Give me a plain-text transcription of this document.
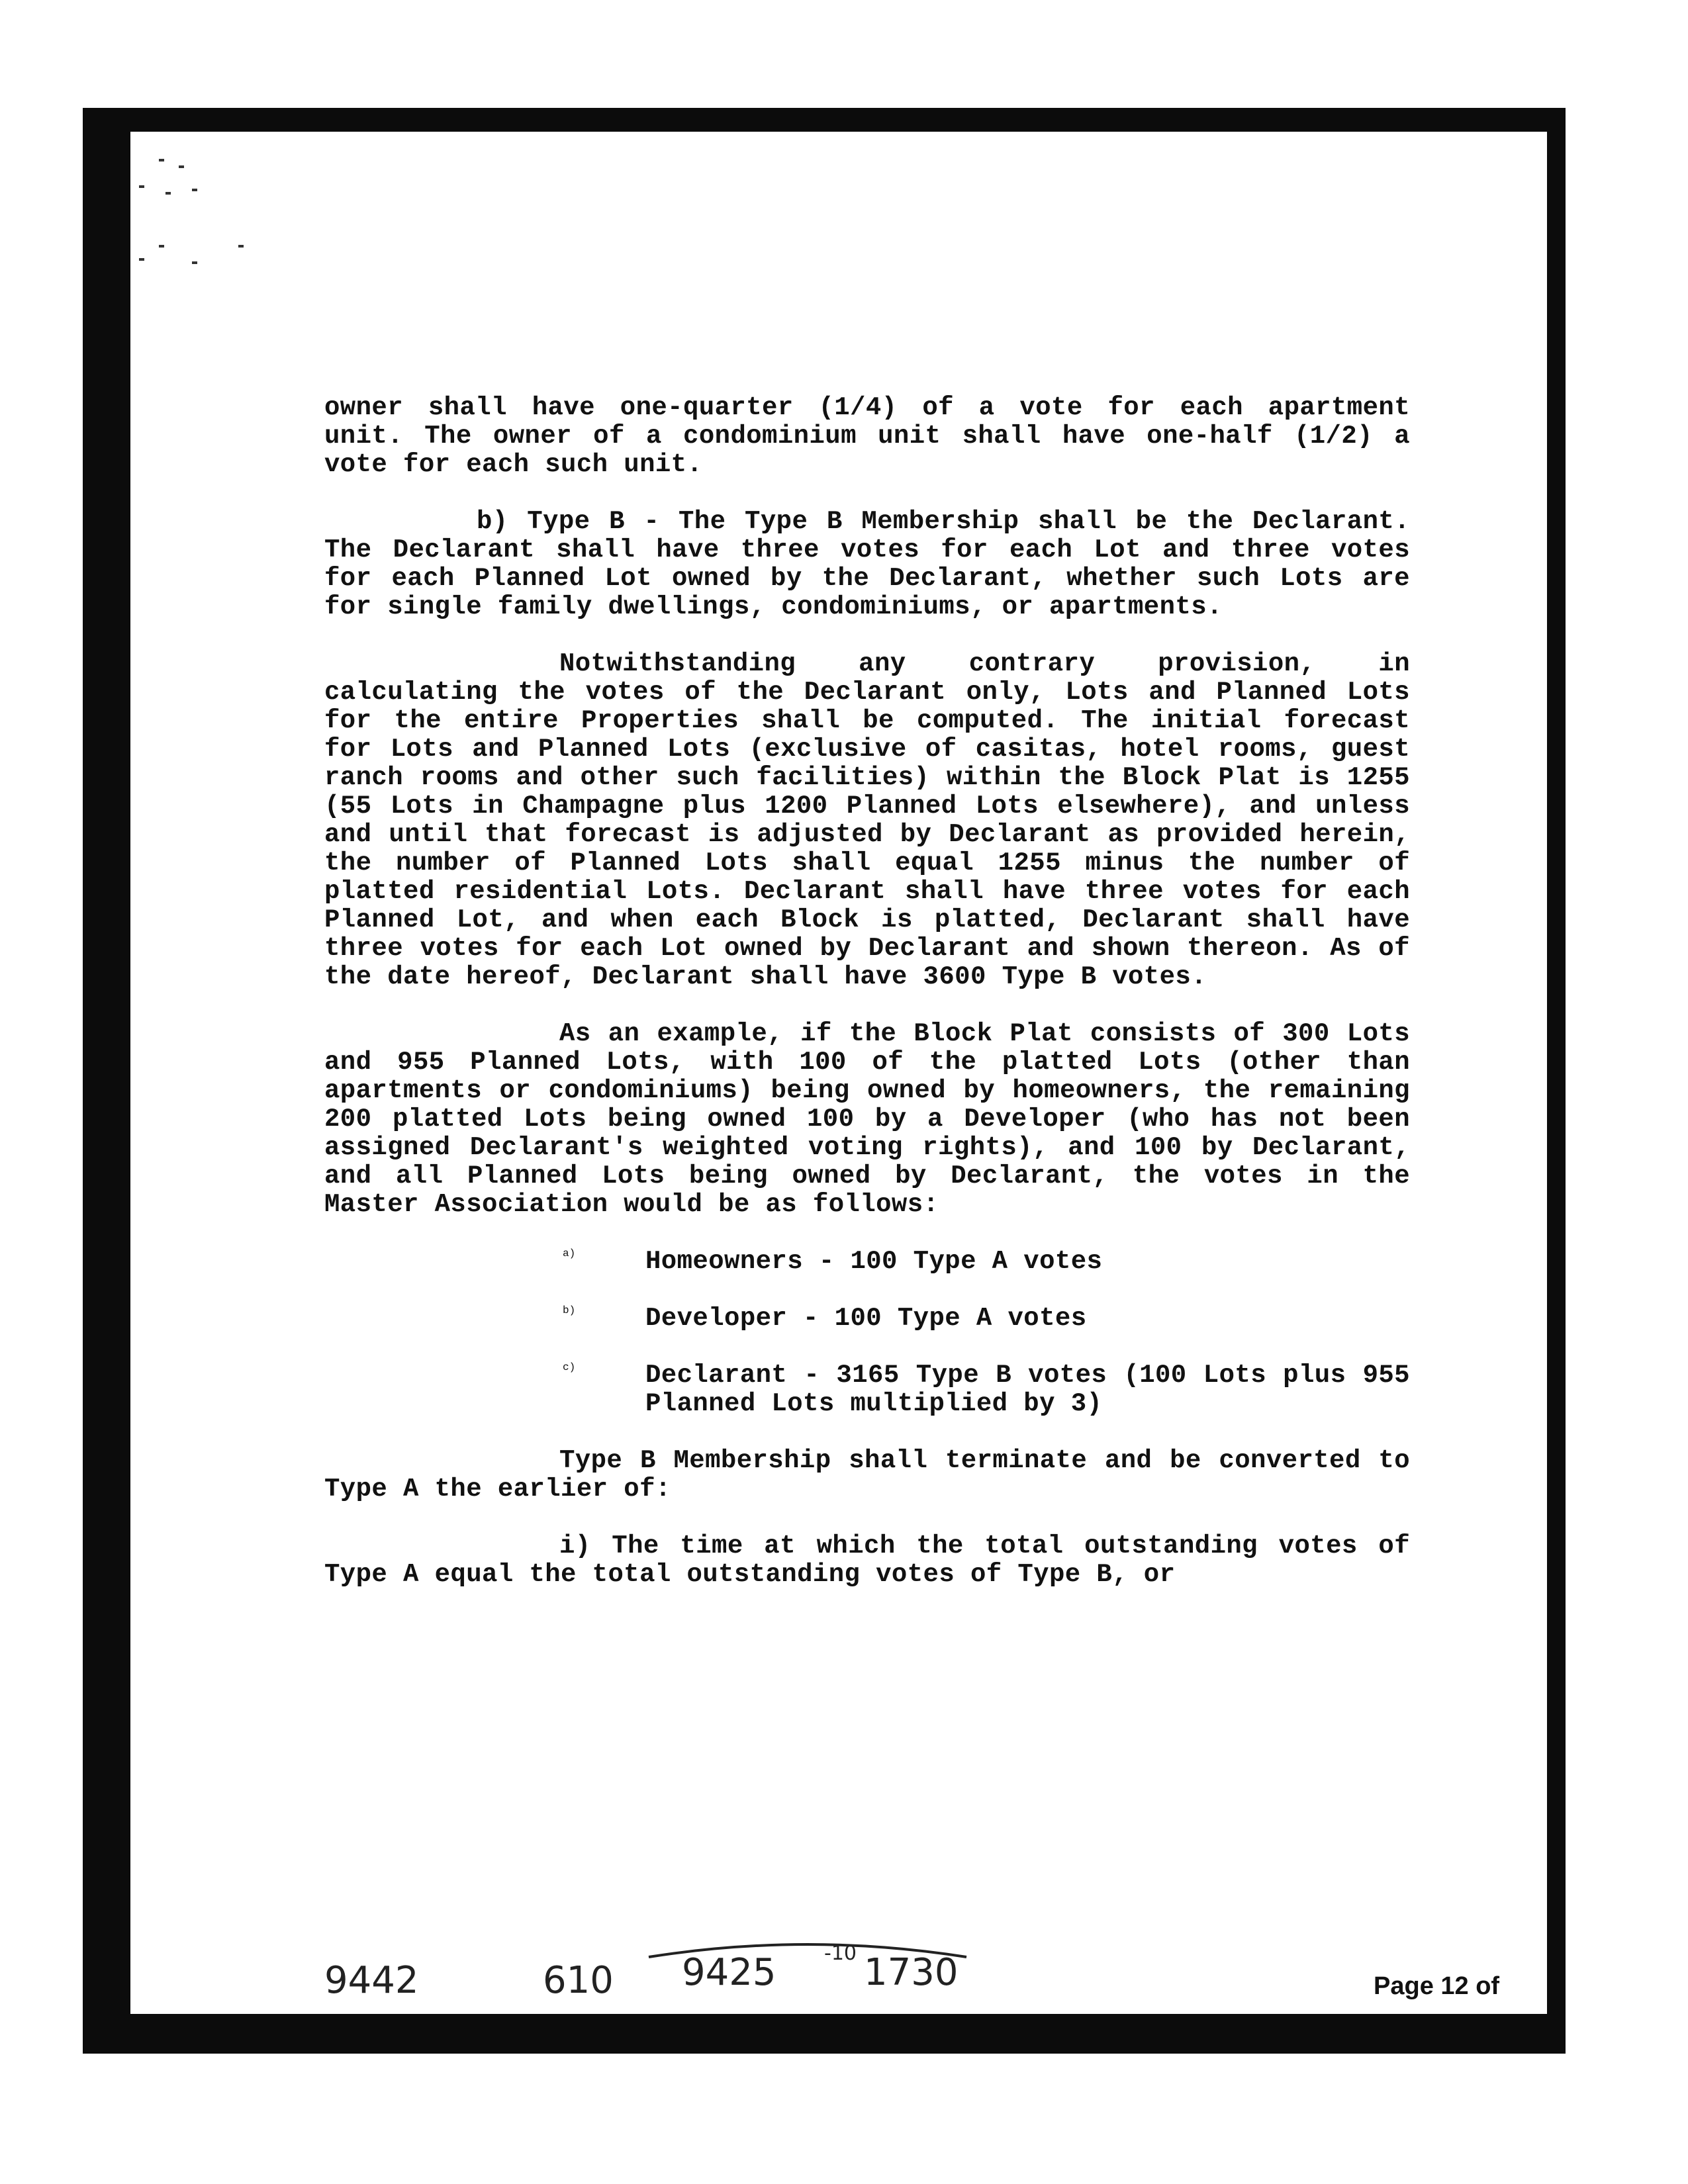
owner shall have one-quarter (1/4) of a vote for each apartment unit. The owner of a condominium unit shall have one-half (1/2) a vote for each such unit.

b) Type B - The Type B Membership shall be the Declarant. The Declarant shall have three votes for each Lot and three votes for each Planned Lot owned by the Declarant, whether such Lots are for single family dwellings, condominiums, or apartments.

Notwithstanding any contrary provision, in calculating the votes of the Declarant only, Lots and Planned Lots for the entire Properties shall be computed. The initial forecast for Lots and Planned Lots (exclusive of casitas, hotel rooms, guest ranch rooms and other such facilities) within the Block Plat is 1255 (55 Lots in Champagne plus 1200 Planned Lots elsewhere), and unless and until that forecast is adjusted by Declarant as provided herein, the number of Planned Lots shall equal 1255 minus the number of platted residential Lots. Declarant shall have three votes for each Planned Lot, and when each Block is platted, Declarant shall have three votes for each Lot owned by Declarant and shown thereon. As of the date hereof, Declarant shall have 3600 Type B votes.

As an example, if the Block Plat consists of 300 Lots and 955 Planned Lots, with 100 of the platted Lots (other than apartments or condominiums) being owned by homeowners, the remaining 200 platted Lots being owned 100 by a Developer (who has not been assigned Declarant's weighted voting rights), and 100 by Declarant, and all Planned Lots being owned by Declarant, the votes in the Master Association would be as follows:

a)	Homeowners - 100 Type A votes

b)	Developer - 100 Type A votes

c)	Declarant - 3165 Type B votes (100 Lots plus 955 Planned Lots multiplied by 3)

Type B Membership shall terminate and be converted to Type A the earlier of:

i) The time at which the total outstanding votes of Type A equal the total outstanding votes of Type B, or

9442	610 9425 -10 1730	Page 12 of
